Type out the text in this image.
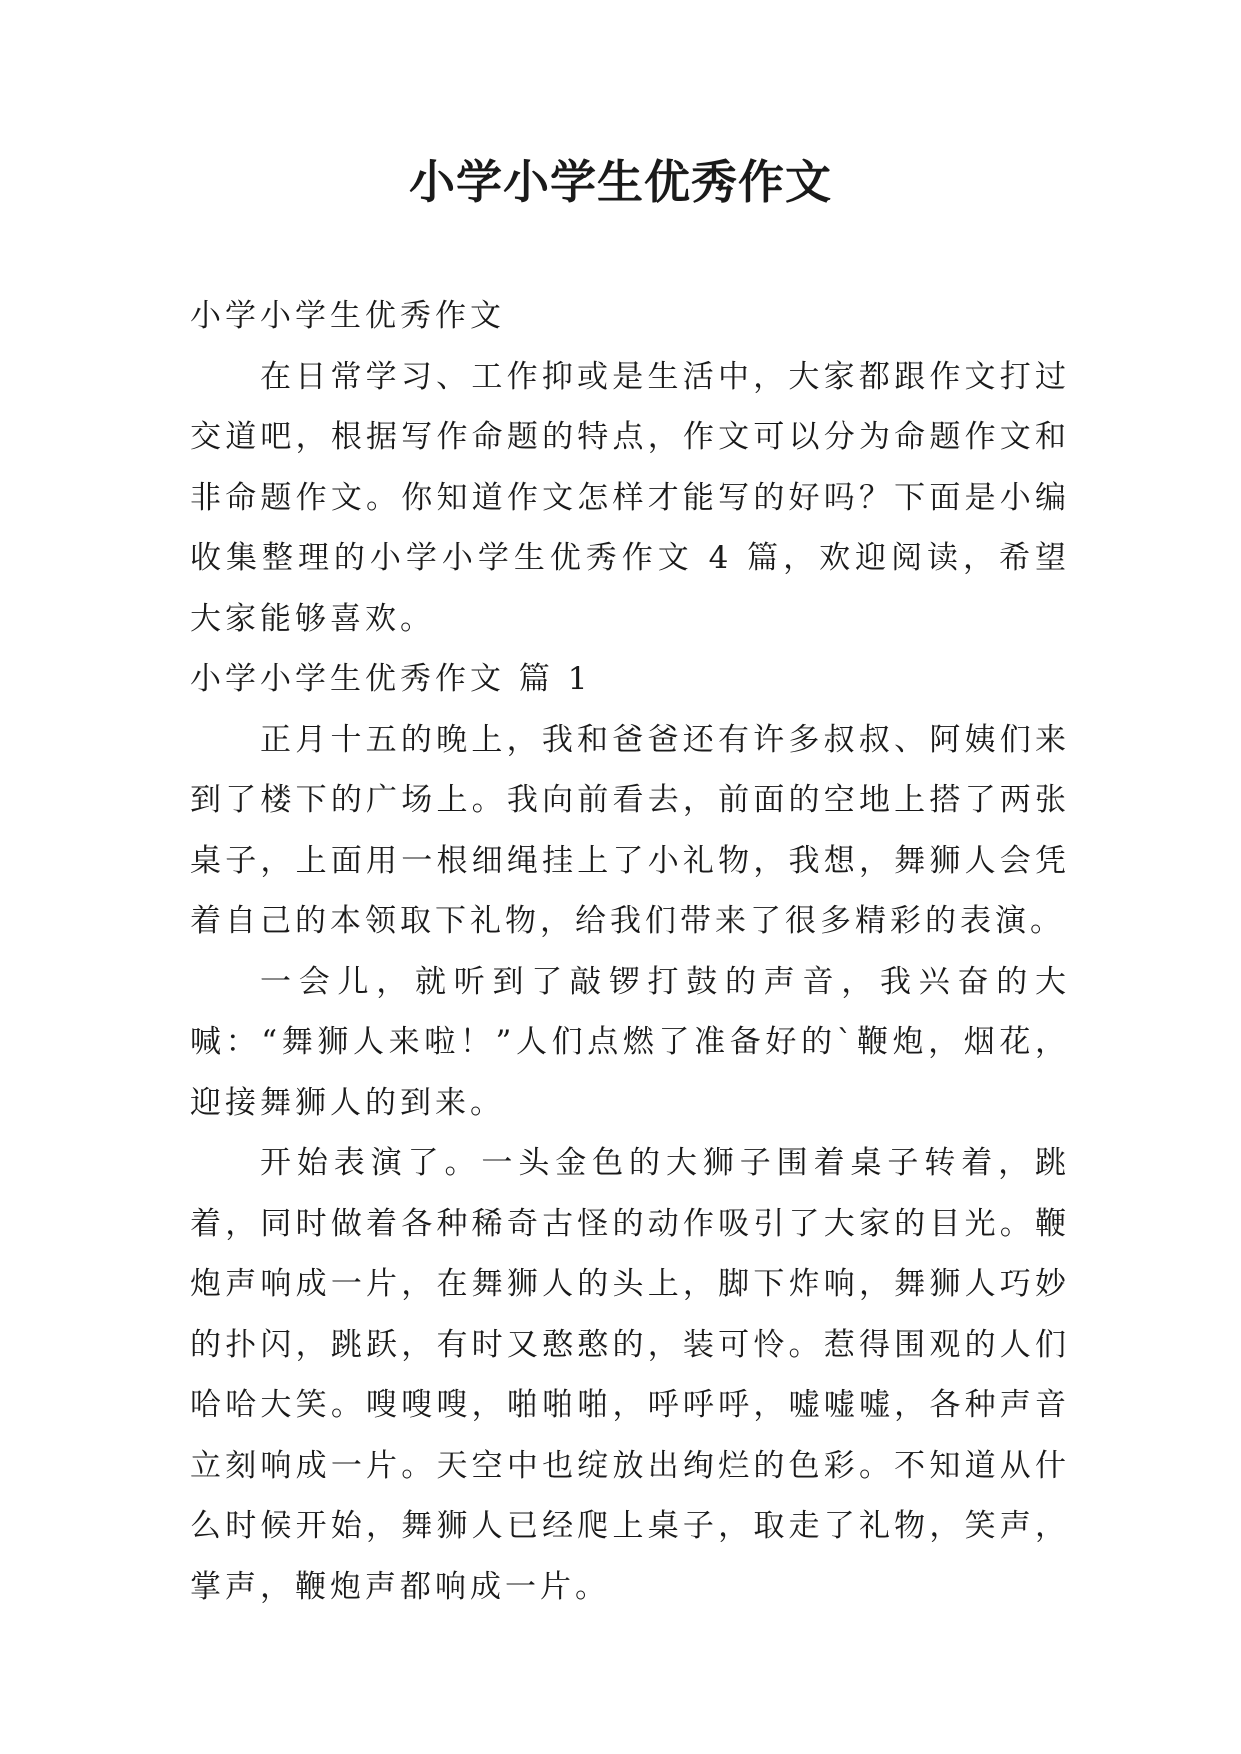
小学小学生优秀作文

小学小学生优秀作文

在日常学习、工作抑或是生活中，大家都跟作文打过交道吧，根据写作命题的特点，作文可以分为命题作文和非命题作文。你知道作文怎样才能写的好吗？下面是小编收集整理的小学小学生优秀作文 4 篇，欢迎阅读，希望大家能够喜欢。

小学小学生优秀作文 篇 1

正月十五的晚上，我和爸爸还有许多叔叔、阿姨们来到了楼下的广场上。我向前看去，前面的空地上搭了两张桌子，上面用一根细绳挂上了小礼物，我想，舞狮人会凭着自己的本领取下礼物，给我们带来了很多精彩的表演。

一会儿，就听到了敲锣打鼓的声音，我兴奋的大喊：“舞狮人来啦！”人们点燃了准备好的`鞭炮，烟花，迎接舞狮人的到来。

开始表演了。一头金色的大狮子围着桌子转着，跳着，同时做着各种稀奇古怪的动作吸引了大家的目光。鞭炮声响成一片，在舞狮人的头上，脚下炸响，舞狮人巧妙的扑闪，跳跃，有时又憨憨的，装可怜。惹得围观的人们哈哈大笑。嗖嗖嗖，啪啪啪，呼呼呼，嘘嘘嘘，各种声音立刻响成一片。天空中也绽放出绚烂的色彩。不知道从什么时候开始，舞狮人已经爬上桌子，取走了礼物，笑声，掌声，鞭炮声都响成一片。
